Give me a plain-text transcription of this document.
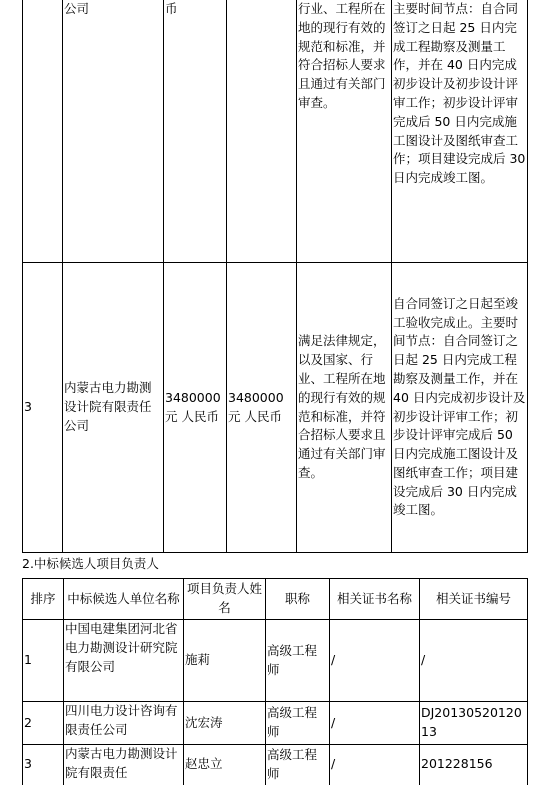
	公司	币		行业、工程所在地的现行有效的规范和标准，并符合招标人要求且通过有关部门审查。	主要时间节点：自合同签订之日起 25 日内完成工程勘察及测量工作，并在 40 日内完成初步设计及初步设计评审工作；初步设计评审完成后 50 日内完成施工图设计及图纸审查工作；项目建设完成后 30 日内完成竣工图。
3	内蒙古电力勘测设计院有限责任公司	3480000 元 人民币	3480000 元 人民币	满足法律规定，以及国家、行业、工程所在地的现行有效的规范和标准，并符合招标人要求且通过有关部门审查。	自合同签订之日起至竣工验收完成止。主要时间节点：自合同签订之日起 25 日内完成工程勘察及测量工作，并在 40 日内完成初步设计及初步设计评审工作；初步设计评审完成后 50 日内完成施工图设计及图纸审查工作；项目建设完成后 30 日内完成竣工图。
2.中标候选人项目负责人
排序	中标候选人单位名称	项目负责人姓名	职称	相关证书名称	相关证书编号
1	中国电建集团河北省电力勘测设计研究院有限公司	施莉	高级工程师	/	/
2	四川电力设计咨询有限责任公司	沈宏涛	高级工程师	/	DJ2013052012013
3	内蒙古电力勘测设计院有限责任	赵忠立	高级工程师	/	201228156
